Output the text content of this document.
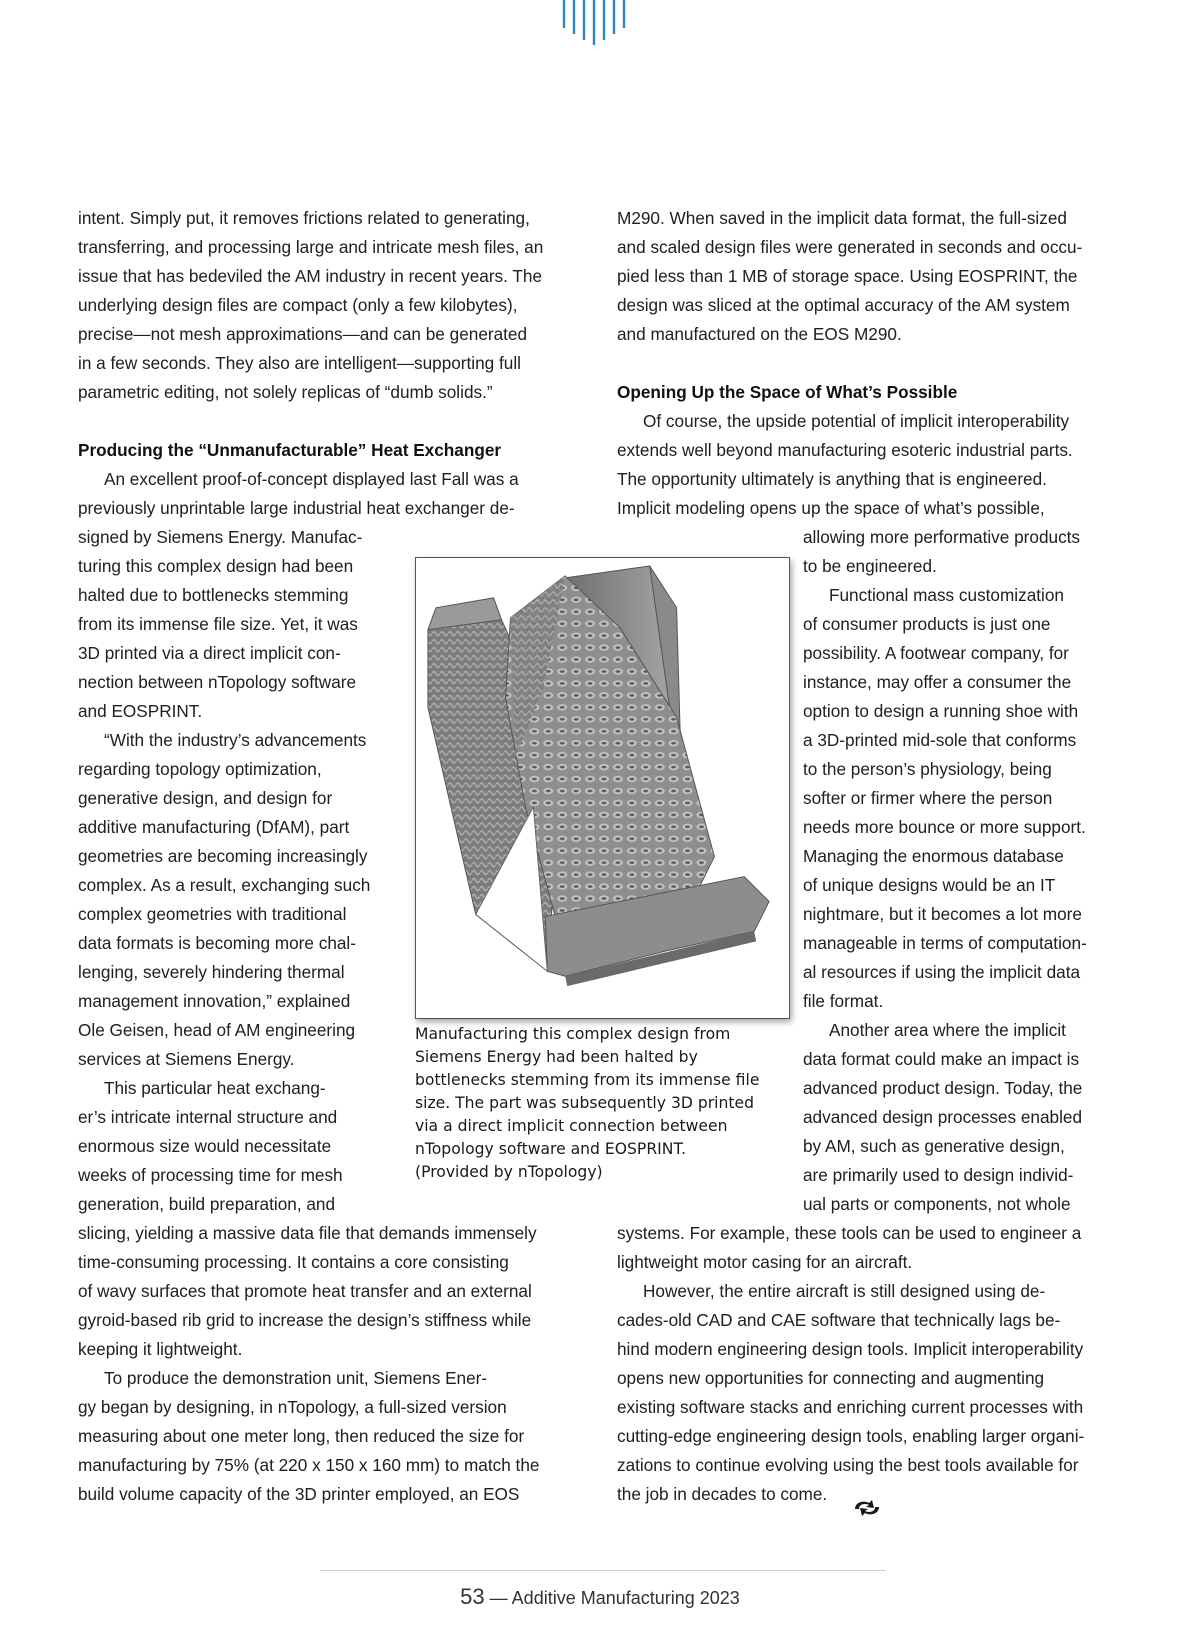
intent. Simply put, it removes frictions related to generating,

transferring, and processing large and intricate mesh files, an

issue that has bedeviled the AM industry in recent years. The

underlying design files are compact (only a few kilobytes),

precise—not mesh approximations—and can be generated

in a few seconds. They also are intelligent—supporting full

parametric editing, not solely replicas of “dumb solids.”

Producing the “Unmanufacturable” Heat Exchanger

An excellent proof-of-concept displayed last Fall was a

previously unprintable large industrial heat exchanger de-

signed by Siemens Energy. Manufac-

turing this complex design had been

halted due to bottlenecks stemming

from its immense file size. Yet, it was

3D printed via a direct implicit con-

nection between nTopology software

and EOSPRINT.

“With the industry’s advancements

regarding topology optimization,

generative design, and design for

additive manufacturing (DfAM), part

geometries are becoming increasingly

complex. As a result, exchanging such

complex geometries with traditional

data formats is becoming more chal-

lenging, severely hindering thermal

management innovation,” explained

Ole Geisen, head of AM engineering

services at Siemens Energy.

This particular heat exchang-

er’s intricate internal structure and

enormous size would necessitate

weeks of processing time for mesh

generation, build preparation, and

slicing, yielding a massive data file that demands immensely

time-consuming processing. It contains a core consisting

of wavy surfaces that promote heat transfer and an external

gyroid-based rib grid to increase the design’s stiffness while

keeping it lightweight.

To produce the demonstration unit, Siemens Ener-

gy began by designing, in nTopology, a full-sized version

measuring about one meter long, then reduced the size for

manufacturing by 75% (at 220 x 150 x 160 mm) to match the

build volume capacity of the 3D printer employed, an EOS

M290. When saved in the implicit data format, the full-sized

and scaled design files were generated in seconds and occu-

pied less than 1 MB of storage space. Using EOSPRINT, the

design was sliced at the optimal accuracy of the AM system

and manufactured on the EOS M290.

Opening Up the Space of What’s Possible

Of course, the upside potential of implicit interoperability

extends well beyond manufacturing esoteric industrial parts.

The opportunity ultimately is anything that is engineered.

Implicit modeling opens up the space of what’s possible,

allowing more performative products

to be engineered.

Functional mass customization

of consumer products is just one

possibility. A footwear company, for

instance, may offer a consumer the

option to design a running shoe with

a 3D-printed mid-sole that conforms

to the person’s physiology, being

softer or firmer where the person

needs more bounce or more support.

Managing the enormous database

of unique designs would be an IT

nightmare, but it becomes a lot more

manageable in terms of computation-

al resources if using the implicit data

file format.

Another area where the implicit

data format could make an impact is

advanced product design. Today, the

advanced design processes enabled

by AM, such as generative design,

are primarily used to design individ-

ual parts or components, not whole

systems. For example, these tools can be used to engineer a

lightweight motor casing for an aircraft.

However, the entire aircraft is still designed using de-

cades-old CAD and CAE software that technically lags be-

hind modern engineering design tools. Implicit interoperability

opens new opportunities for connecting and augmenting

existing software stacks and enriching current processes with

cutting-edge engineering design tools, enabling larger organi-

zations to continue evolving using the best tools available for

the job in decades to come.

Manufacturing this complex design from

Siemens Energy had been halted by

bottlenecks stemming from its immense file

size. The part was subsequently 3D printed

via a direct implicit connection between

nTopology software and EOSPRINT.

(Provided by nTopology)

53 — Additive Manufacturing 2023
